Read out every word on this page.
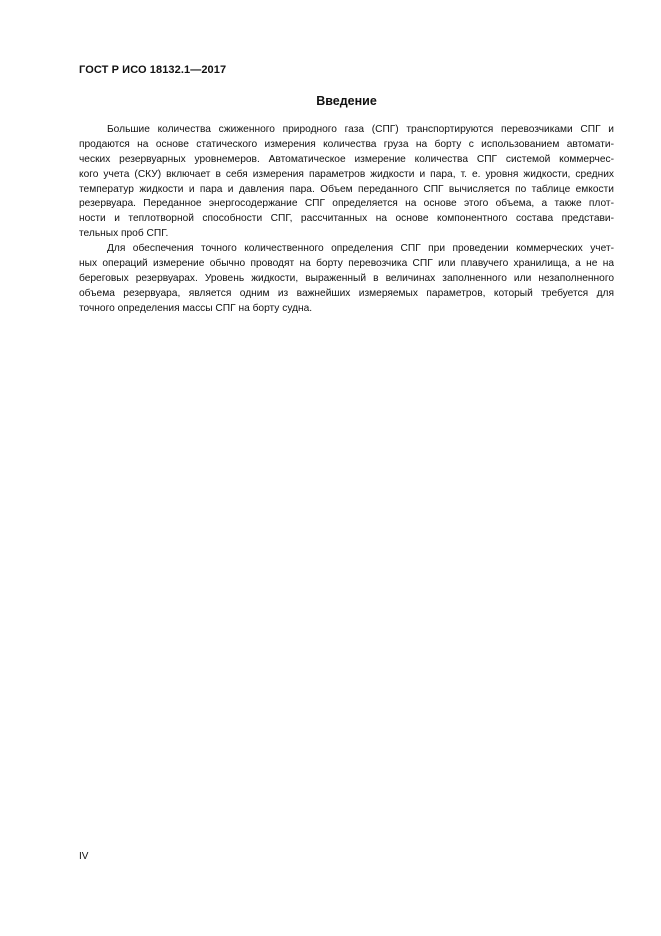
ГОСТ Р ИСО 18132.1—2017
Введение
Большие количества сжиженного природного газа (СПГ) транспортируются перевозчиками СПГ и
продаются на основе статического измерения количества груза на борту с использованием автомати-
ческих резервуарных уровнемеров. Автоматическое измерение количества СПГ системой коммерчес-
кого учета (СКУ) включает в себя измерения параметров жидкости и пара, т. е. уровня жидкости, средних
температур жидкости и пара и давления пара. Объем переданного СПГ вычисляется по таблице емкости
резервуара. Переданное энергосодержание СПГ определяется на основе этого объема, а также плот-
ности и теплотворной способности СПГ, рассчитанных на основе компонентного состава представи-
тельных проб СПГ.
Для обеспечения точного количественного определения СПГ при проведении коммерческих учет-
ных операций измерение обычно проводят на борту перевозчика СПГ или плавучего хранилища, а не на
береговых резервуарах. Уровень жидкости, выраженный в величинах заполненного или незаполненного
объема резервуара, является одним из важнейших измеряемых параметров, который требуется для
точного определения массы СПГ на борту судна.
IV
